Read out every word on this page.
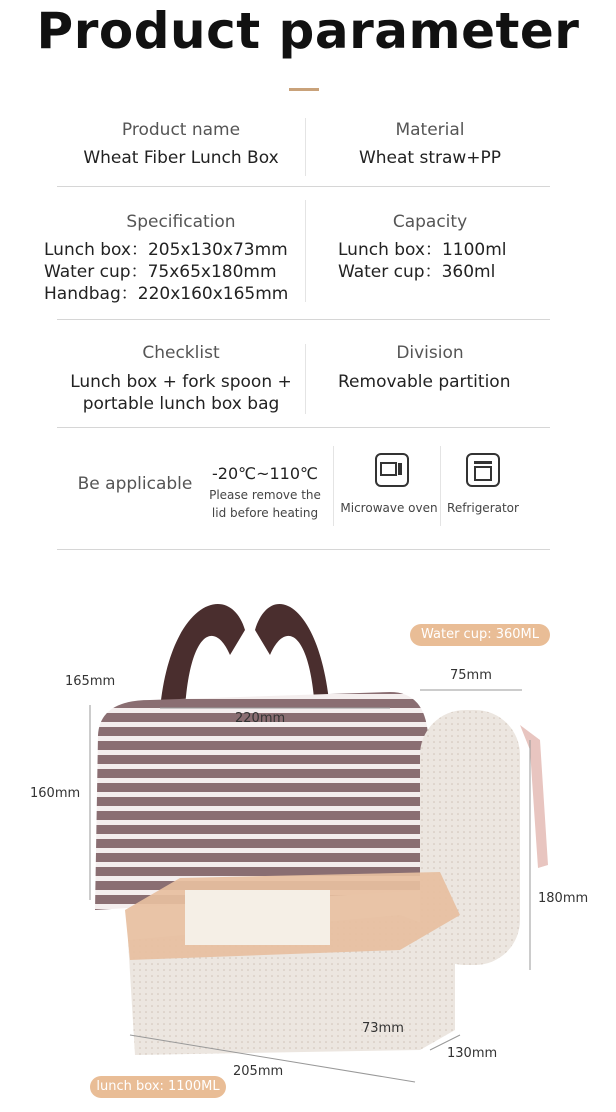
Product parameter
Product name
Wheat Fiber Lunch Box
Material
Wheat straw+PP
Specification
Lunch box：205x130x73mm
Water cup：75x65x180mm
Handbag：220x160x165mm
Capacity
Lunch box：1100ml
Water cup：360ml
Checklist
Lunch box + fork spoon +
portable lunch box bag
Division
Removable partition
Be applicable
-20℃~110℃
Please remove the
lid before heating	Microwave oven Refrigerator
Water cup: 360ML
lunch box: 1100ML
165mm
220mm
160mm
75mm
180mm
73mm
130mm
205mm
